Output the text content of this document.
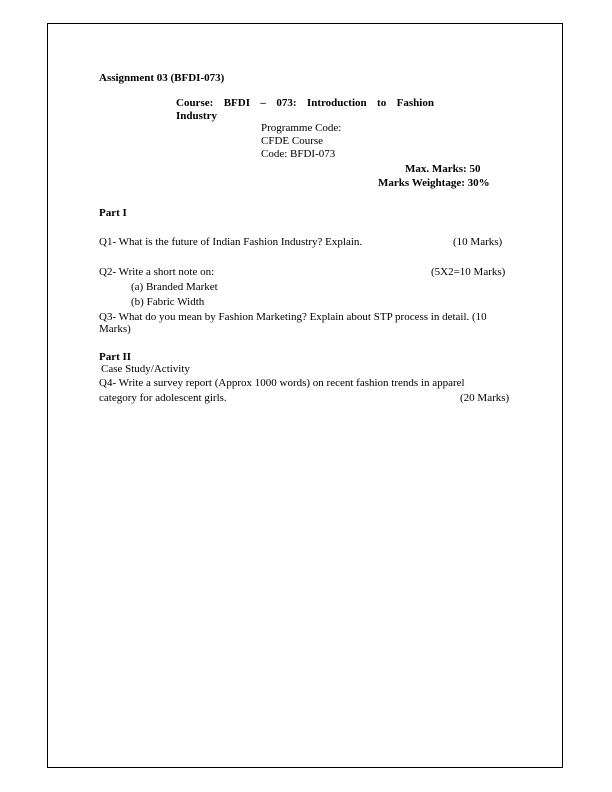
Assignment 03 (BFDI-073)
Course: BFDI – 073: Introduction to Fashion
Industry
Programme Code:
CFDE Course
Code: BFDI-073
Max. Marks: 50
Marks Weightage: 30%
Part I
Q1- What is the future of Indian Fashion Industry? Explain.	(10 Marks)
Q2- Write a short note on:	(5X2=10 Marks)
(a) Branded Market
(b) Fabric Width
Q3- What do you mean by Fashion Marketing? Explain about STP process in detail. (10
Marks)
Part II
Case Study/Activity
Q4- Write a survey report (Approx 1000 words) on recent fashion trends in apparel
category for adolescent girls.	(20 Marks)
